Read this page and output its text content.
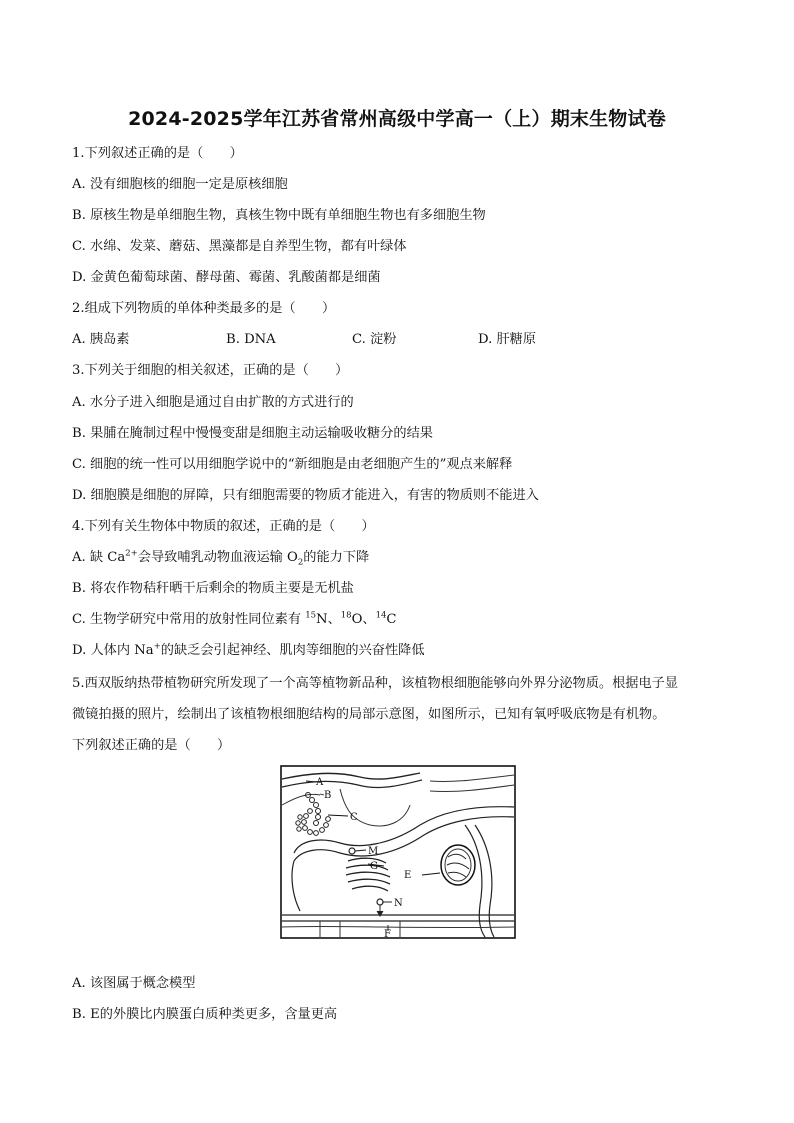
2024-2025学年江苏省常州高级中学高一（上）期末生物试卷
1.下列叙述正确的是（　　）
A. 没有细胞核的细胞一定是原核细胞
B. 原核生物是单细胞生物，真核生物中既有单细胞生物也有多细胞生物
C. 水绵、发菜、蘑菇、黑藻都是自养型生物，都有叶绿体
D. 金黄色葡萄球菌、酵母菌、霉菌、乳酸菌都是细菌
2.组成下列物质的单体种类最多的是（　　）
A. 胰岛素	B. DNA	C. 淀粉	D. 肝糖原
3.下列关于细胞的相关叙述，正确的是（　　）
A. 水分子进入细胞是通过自由扩散的方式进行的
B. 果脯在腌制过程中慢慢变甜是细胞主动运输吸收糖分的结果
C. 细胞的统一性可以用细胞学说中的“新细胞是由老细胞产生的”观点来解释
D. 细胞膜是细胞的屏障，只有细胞需要的物质才能进入，有害的物质则不能进入
4.下列有关生物体中物质的叙述，正确的是（　　）
A. 缺 $Ca^{2+}$会导致哺乳动物血液运输 $O_2$的能力下降
B. 将农作物秸秆晒干后剩余的物质主要是无机盐
C. 生物学研究中常用的放射性同位素有 $^{15}$N、$^{18}$O、$^{14}$C
D. 人体内 Na+的缺乏会引起神经、肌肉等细胞的兴奋性降低
5.西双版纳热带植物研究所发现了一个高等植物新品种，该植物根细胞能够向外界分泌物质。根据电子显
微镜拍摄的照片，绘制出了该植物根细胞结构的局部示意图，如图所示，已知有氧呼吸底物是有机物。
下列叙述正确的是（　　）
A
B
C
M
G
E
N
F
A. 该图属于概念模型
B. E的外膜比内膜蛋白质种类更多，含量更高
